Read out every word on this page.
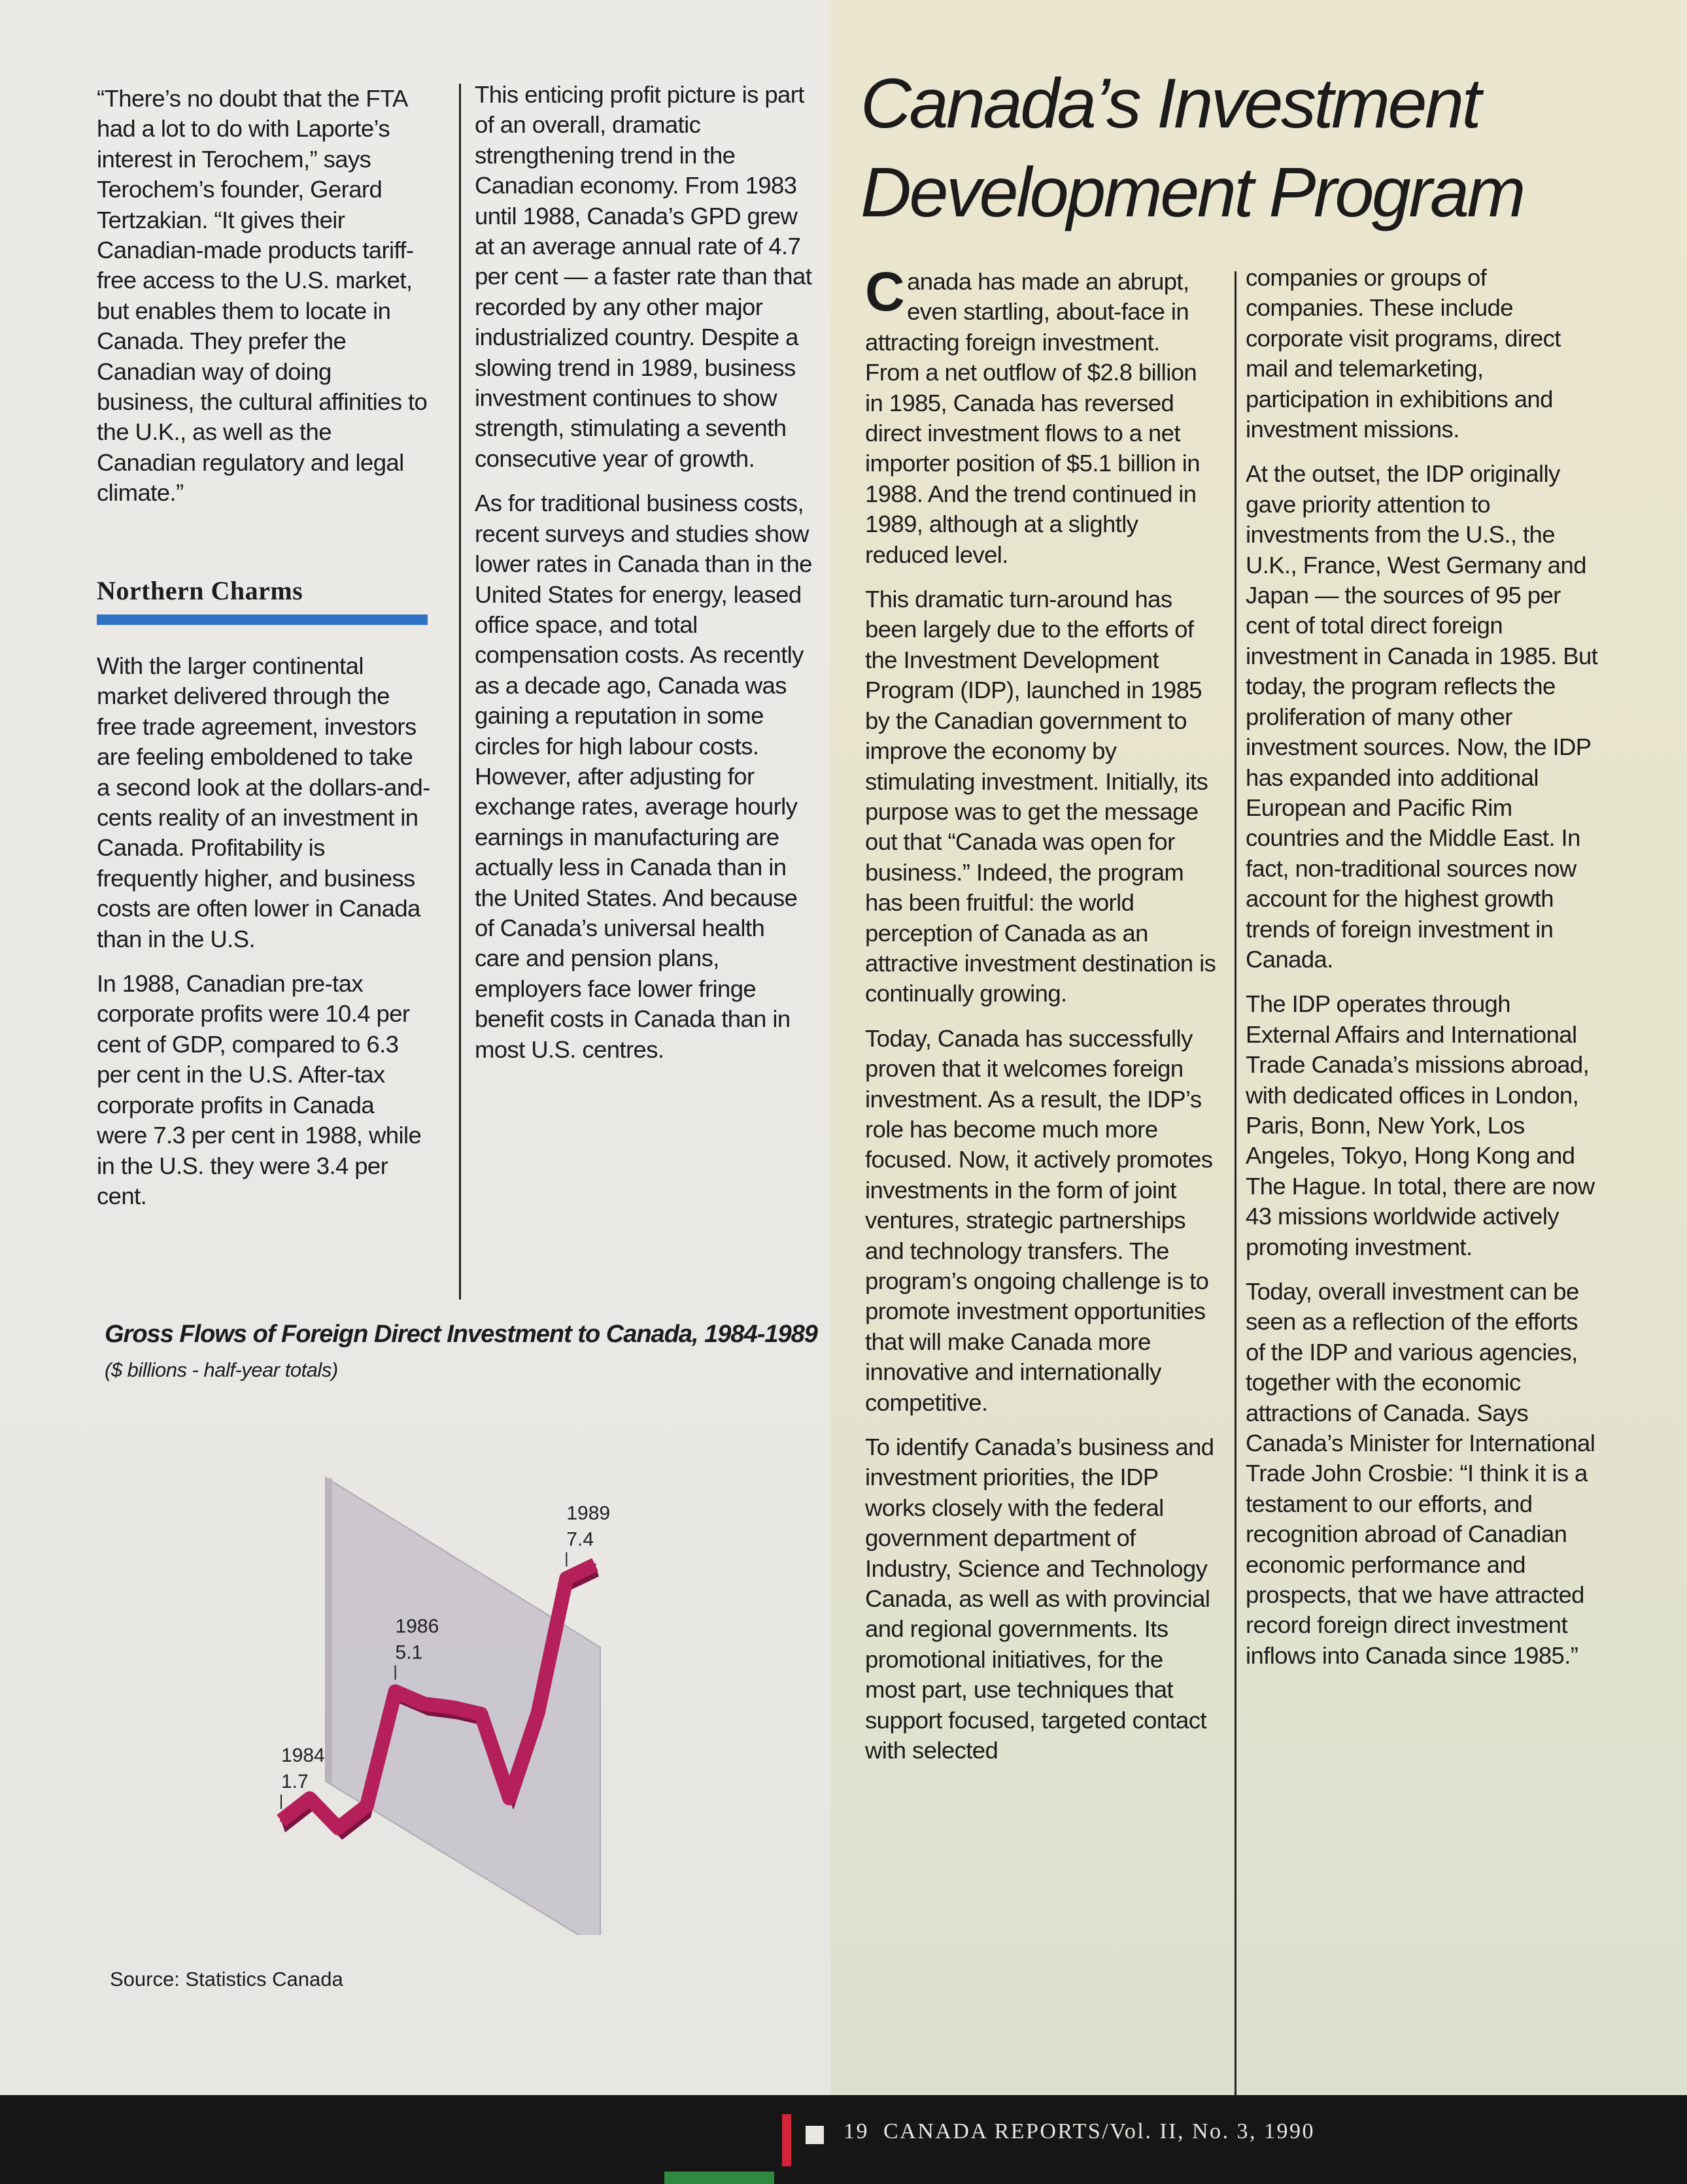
“There’s no doubt that the FTA had a lot to do with Laporte’s interest in Terochem,” says Terochem’s founder, Gerard Tertzakian. “It gives their Canadian-made products tariff-free access to the U.S. market, but enables them to locate in Canada. They prefer the Canadian way of doing business, the cultural affinities to the U.K., as well as the Canadian regulatory and legal climate.”

Northern Charms

With the larger continental market delivered through the free trade agreement, investors are feeling emboldened to take a second look at the dollars-and-cents reality of an investment in Canada. Profitability is frequently higher, and business costs are often lower in Canada than in the U.S.

In 1988, Canadian pre-tax corporate profits were 10.4 per cent of GDP, compared to 6.3 per cent in the U.S. After-tax corporate profits in Canada were 7.3 per cent in 1988, while in the U.S. they were 3.4 per cent.

This enticing profit picture is part of an overall, dramatic strengthening trend in the Canadian economy. From 1983 until 1988, Canada’s GPD grew at an average annual rate of 4.7 per cent — a faster rate than that recorded by any other major industrialized country. Despite a slowing trend in 1989, business investment continues to show strength, stimulating a seventh consecutive year of growth.

As for traditional business costs, recent surveys and studies show lower rates in Canada than in the United States for energy, leased office space, and total compensation costs. As recently as a decade ago, Canada was gaining a reputation in some circles for high labour costs. However, after adjusting for exchange rates, average hourly earnings in manufacturing are actually less in Canada than in the United States. And because of Canada’s universal health care and pension plans, employers face lower fringe benefit costs in Canada than in most U.S. centres.

Canada’s Investment Development Program

Canada has made an abrupt, even startling, about-face in attracting foreign investment. From a net outflow of $2.8 billion in 1985, Canada has reversed direct investment flows to a net importer position of $5.1 billion in 1988. And the trend continued in 1989, although at a slightly reduced level.

This dramatic turn-around has been largely due to the efforts of the Investment Development Program (IDP), launched in 1985 by the Canadian government to improve the economy by stimulating investment. Initially, its purpose was to get the message out that “Canada was open for business.” Indeed, the program has been fruitful: the world perception of Canada as an attractive investment destination is continually growing.

Today, Canada has successfully proven that it welcomes foreign investment. As a result, the IDP’s role has become much more focused. Now, it actively promotes investments in the form of joint ventures, strategic partnerships and technology transfers. The program’s ongoing challenge is to promote investment opportunities that will make Canada more innovative and internationally competitive.

To identify Canada’s business and investment priorities, the IDP works closely with the federal government department of Industry, Science and Technology Canada, as well as with provincial and regional governments. Its promotional initiatives, for the most part, use techniques that support focused, targeted contact with selected

companies or groups of companies. These include corporate visit programs, direct mail and telemarketing, participation in exhibitions and investment missions.

At the outset, the IDP originally gave priority attention to investments from the U.S., the U.K., France, West Germany and Japan — the sources of 95 per cent of total direct foreign investment in Canada in 1985. But today, the program reflects the proliferation of many other investment sources. Now, the IDP has expanded into additional European and Pacific Rim countries and the Middle East. In fact, non-traditional sources now account for the highest growth trends of foreign investment in Canada.

The IDP operates through External Affairs and International Trade Canada’s missions abroad, with dedicated offices in London, Paris, Bonn, New York, Los Angeles, Tokyo, Hong Kong and The Hague. In total, there are now 43 missions worldwide actively promoting investment.

Today, overall investment can be seen as a reflection of the efforts of the IDP and various agencies, together with the economic attractions of Canada. Says Canada’s Minister for International Trade John Crosbie: “I think it is a testament to our efforts, and recognition abroad of Canadian economic performance and prospects, that we have attracted record foreign direct investment inflows into Canada since 1985.”

Gross Flows of Foreign Direct Investment to Canada, 1984-1989
($ billions - half-year totals)
1984
1.7
1986
5.1
1989
7.4
Source: Statistics Canada
19 CANADA REPORTS/Vol. II, No. 3, 1990
